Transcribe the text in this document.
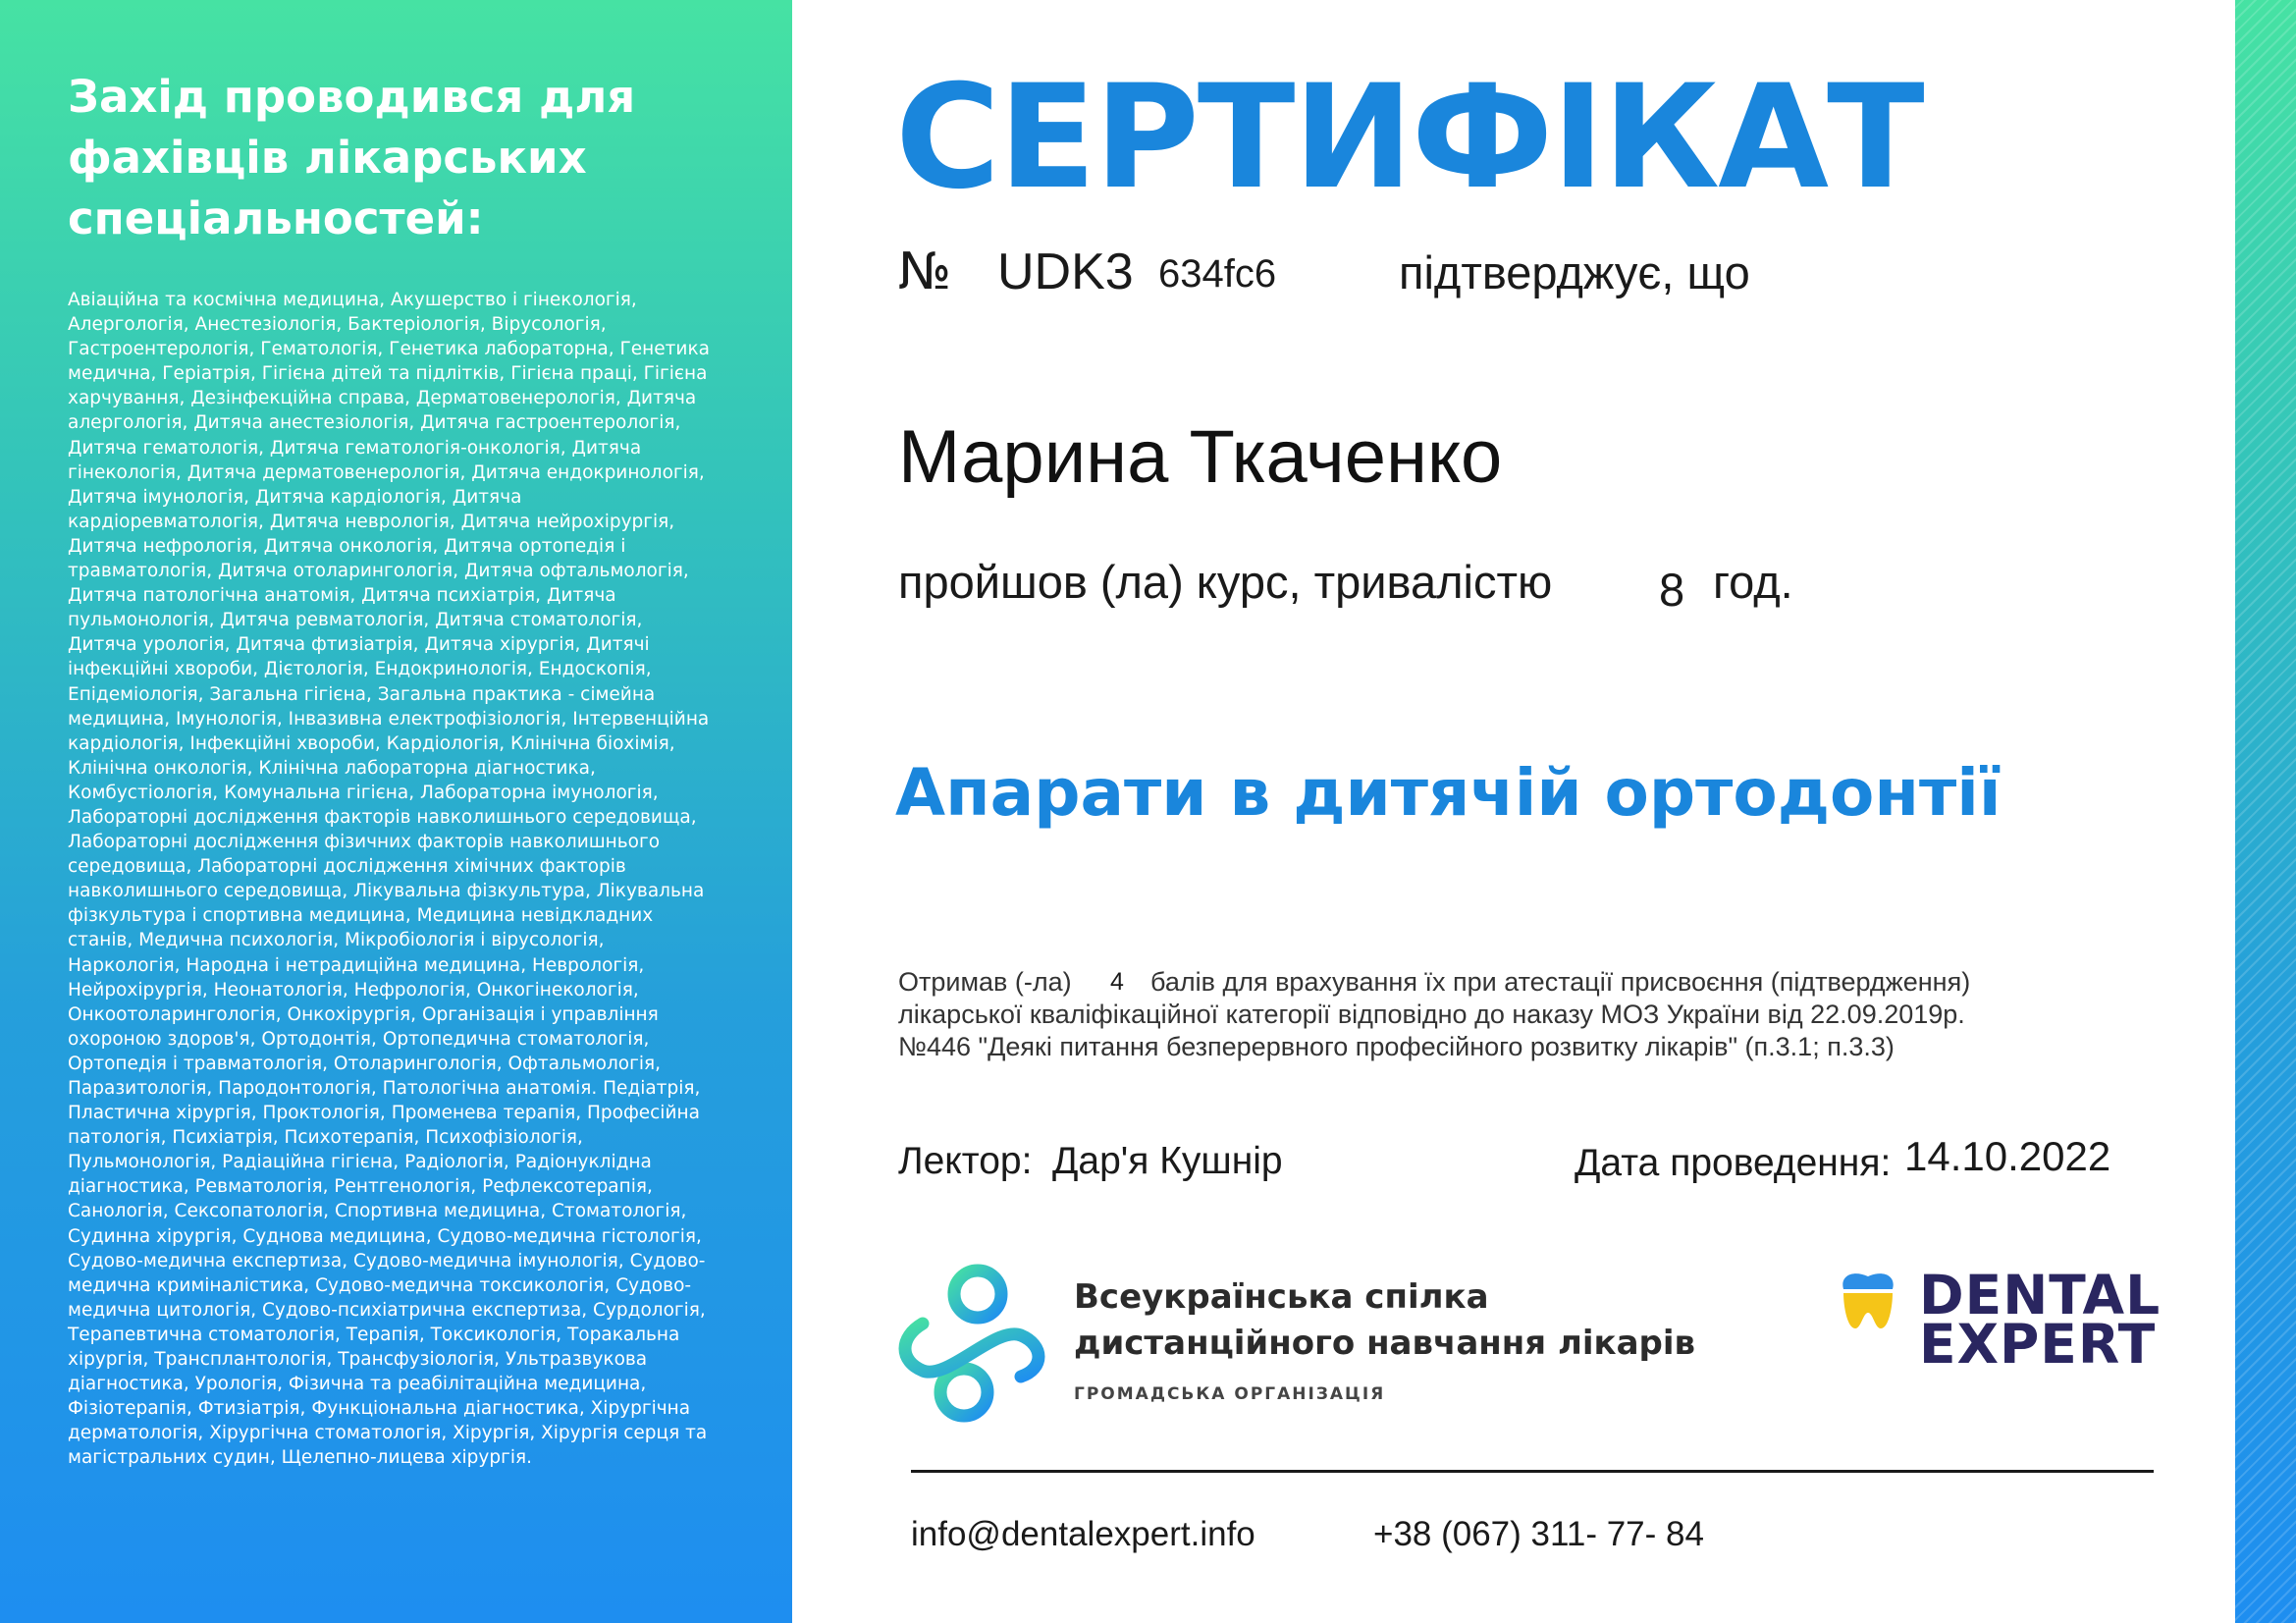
Захід проводився для фахівців лікарських спеціальностей:

Авіаційна та космічна медицина, Акушерство і гінекологія, Алергологія, Анестезіологія, Бактеріологія, Вірусологія, Гастроентерологія, Гематологія, Генетика лабораторна, Генетика медична, Геріатрія, Гігієна дітей та підлітків, Гігієна праці, Гігієна харчування, Дезінфекційна справа, Дерматовенерологія, Дитяча алергологія, Дитяча анестезіологія, Дитяча гастроентерологія, Дитяча гематологія, Дитяча гематологія-онкологія, Дитяча гінекологія, Дитяча дерматовенерологія, Дитяча ендокринологія, Дитяча імунологія, Дитяча кардіологія, Дитяча кардіоревматологія, Дитяча неврологія, Дитяча нейрохірургія, Дитяча нефрологія, Дитяча онкологія, Дитяча ортопедія і травматологія, Дитяча отоларингологія, Дитяча офтальмологія, Дитяча патологічна анатомія, Дитяча психіатрія, Дитяча пульмонологія, Дитяча ревматологія, Дитяча стоматологія, Дитяча урологія, Дитяча фтизіатрія, Дитяча хірургія, Дитячі інфекційні хвороби, Дієтологія, Ендокринологія, Ендоскопія, Епідеміологія, Загальна гігієна, Загальна практика - сімейна медицина, Імунологія, Інвазивна електрофізіологія, Інтервенційна кардіологія, Інфекційні хвороби, Кардіологія, Клінічна біохімія, Клінічна онкологія, Клінічна лабораторна діагностика, Комбустіологія, Комунальна гігієна, Лабораторна імунологія, Лабораторні дослідження факторів навколишнього середовища, Лабораторні дослідження фізичних факторів навколишнього середовища, Лабораторні дослідження хімічних факторів навколишнього середовища, Лікувальна фізкультура, Лікувальна фізкультура і спортивна медицина, Медицина невідкладних станів, Медична психологія, Мікробіологія і вірусологія, Наркологія, Народна і нетрадиційна медицина, Неврологія, Нейрохірургія, Неонатологія, Нефрологія, Онкогінекологія, Онкоотоларингологія, Онкохірургія, Організація і управління охороною здоров'я, Ортодонтія, Ортопедична стоматологія, Ортопедія і травматологія, Отоларингологія, Офтальмологія, Паразитологія, Пародонтологія, Патологічна анатомія. Педіатрія, Пластична хірургія, Проктологія, Променева терапія, Професійна патологія, Психіатрія, Психотерапія, Психофізіологія, Пульмонологія, Радіаційна гігієна, Радіологія, Радіонуклідна діагностика, Ревматологія, Рентгенологія, Рефлексотерапія, Санологія, Сексопатологія, Спортивна медицина, Стоматологія, Судинна хірургія, Суднова медицина, Судово-медична гістологія, Судово-медична експертиза, Судово-медична імунологія, Судово-медична криміналістика, Судово-медична токсикологія, Судово-медична цитологія, Судово-психіатрична експертиза, Сурдологія, Терапевтична стоматологія, Терапія, Токсикологія, Торакальна хірургія, Трансплантологія, Трансфузіологія, Ультразвукова діагностика, Урологія, Фізична та реабілітаційна медицина, Фізіотерапія, Фтизіатрія, Функціональна діагностика, Хірургічна дерматологія, Хірургічна стоматологія, Хірургія, Хірургія серця та магістральних судин, Щелепно-лицева хірургія.

СЕРТИФІКАТ
№ UDK3 634fc6	підтверджує, що
Марина Ткаченко
пройшов (ла) курс, тривалістю 8 год.
Апарати в дитячій ортодонтії
Отримав (-ла) 4 балів для врахування їх при атестації присвоєння (підтвердження)
лікарської кваліфікаційної категорії відповідно до наказу МОЗ України від 22.09.2019р.
№446 "Деякі питання безперервного професійного розвитку лікарів" (п.3.1; п.3.3)
Лектор: Дар'я Кушнір	Дата проведення: 14.10.2022
Всеукраїнська спілка
дистанційного навчання лікарів
ГРОМАДСЬКА ОРГАНІЗАЦІЯ
DENTAL
EXPERT
info@dentalexpert.info	+38 (067) 311- 77- 84
